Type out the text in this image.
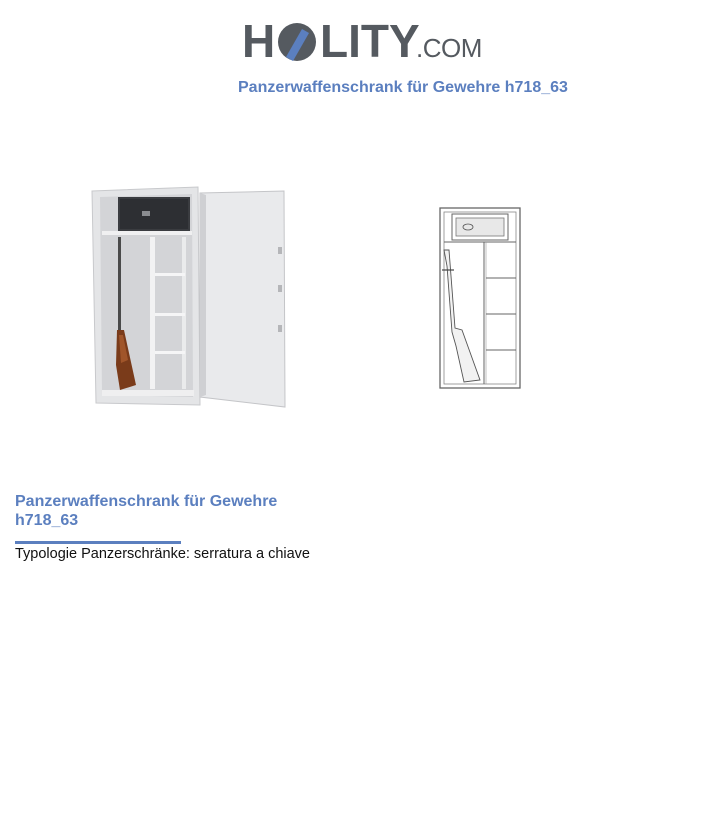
H LITY
.COM
Panzerwaffenschrank für Gewehre h718_63
Panzerwaffenschrank für Gewehre h718_63
Typologie Panzerschränke: serratura a chiave
